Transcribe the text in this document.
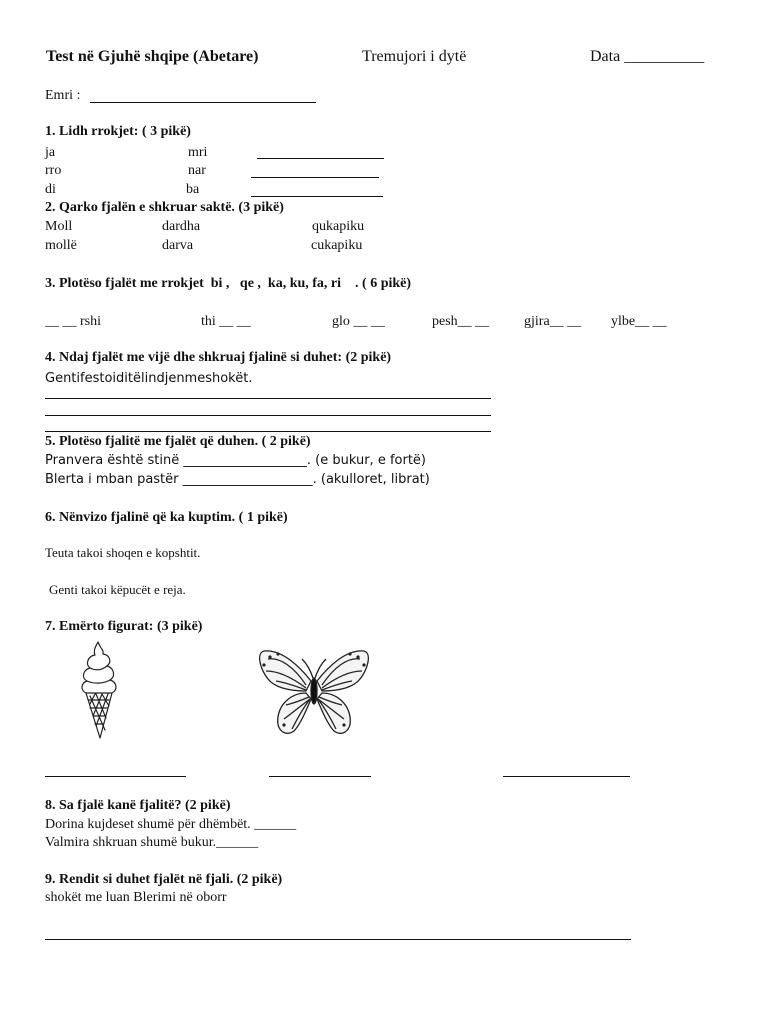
Test në Gjuhë shqipe (Abetare)	Tremujori i dytë	Data __________
Emri :
1. Lidh rrokjet: ( 3 pikë)
ja	mri
rro	nar
di	ba
2. Qarko fjalën e shkruar saktë. (3 pikë)
Moll	dardha	qukapiku
mollë	darva	cukapiku
3. Plotëso fjalët me rrokjet  bi ,   qe ,  ka, ku, fa, ri    . ( 6 pikë)
__ __ rshi	thi __ __	glo __ __	pesh__ __ gjira__ __ ylbe__ __
4. Ndaj fjalët me vijë dhe shkruaj fjalinë si duhet: (2 pikë)
Gentifestoiditëlindjenmeshokët.
5. Plotëso fjalitë me fjalët që duhen. ( 2 pikë)
Pranvera është stinë ___________________. (e bukur, e fortë)
Blerta i mban pastër ____________________. (akulloret, librat)
6. Nënvizo fjalinë që ka kuptim. ( 1 pikë)
Teuta takoi shoqen e kopshtit.
Genti takoi këpucët e reja.
7. Emërto figurat: (3 pikë)
8. Sa fjalë kanë fjalitë? (2 pikë)
Dorina kujdeset shumë për dhëmbët. ______
Valmira shkruan shumë bukur.______
9. Rendit si duhet fjalët në fjali. (2 pikë)
shokët me luan Blerimi në oborr
